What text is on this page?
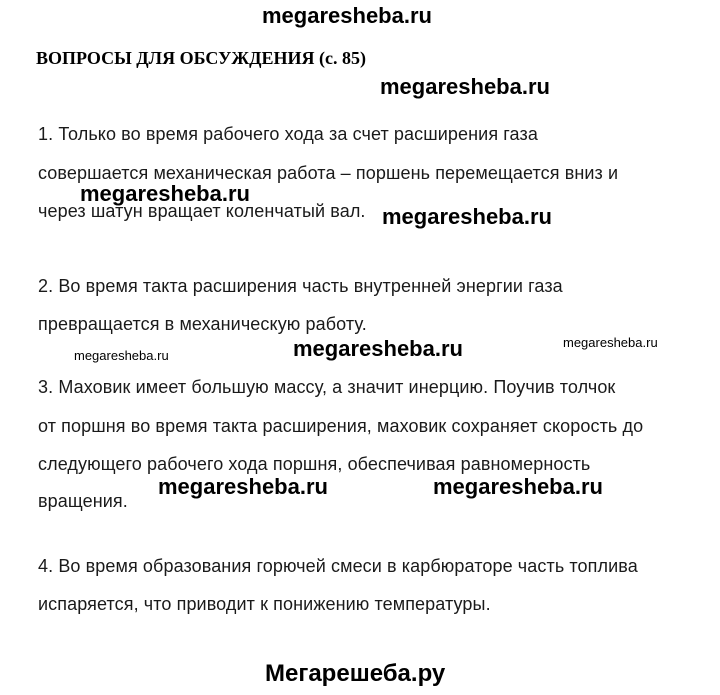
megaresheba.ru
ВОПРОСЫ ДЛЯ ОБСУЖДЕНИЯ (с. 85)
megaresheba.ru
1. Только во время рабочего хода за счет расширения газа
совершается механическая работа – поршень перемещается вниз и
megaresheba.ru
через шатун вращает коленчатый вал. megaresheba.ru
2. Во время такта расширения часть внутренней энергии газа
превращается в механическую работу.
megaresheba.ru	megaresheba.ru	megaresheba.ru
3. Маховик имеет большую массу, а значит инерцию. Поучив толчок
от поршня во время такта расширения, маховик сохраняет скорость до
следующего рабочего хода поршня, обеспечивая равномерность
megaresheba.ru	megaresheba.ru
вращения.
4. Во время образования горючей смеси в карбюраторе часть топлива
испаряется, что приводит к понижению температуры.
Мегарешеба.ру
